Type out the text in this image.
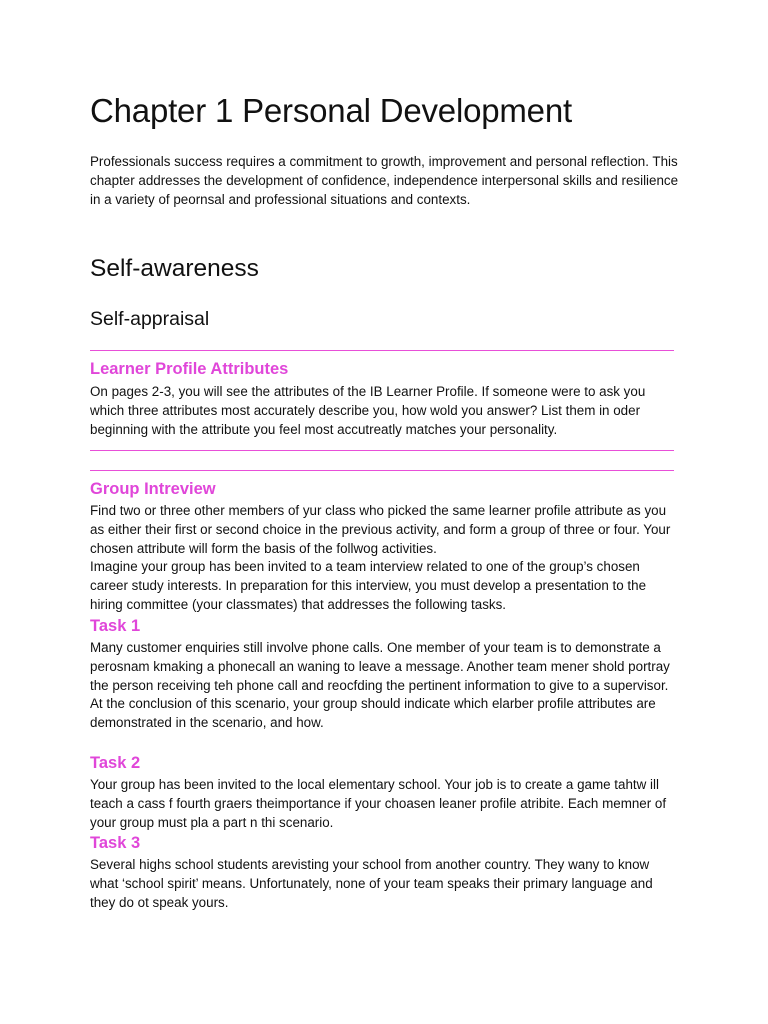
Chapter 1 Personal Development
Professionals success requires a commitment to growth, improvement and personal reflection. This chapter addresses the development of confidence, independence interpersonal skills and resilience in a variety of peornsal and professional situations and contexts.
Self-awareness
Self-appraisal
Learner Profile Attributes
On pages 2-3, you will see the attributes of the IB Learner Profile. If someone were to ask you which three attributes most accurately describe you, how wold you answer? List them in oder beginning with the attribute you feel most accutreatly matches your personality.
Group Intreview

Find two or three other members of yur class who picked the same learner profile attribute as you as either their first or second choice in the previous activity, and form a group of three or four. Your chosen attribute will form the basis of the follwog activities.

Imagine your group has been invited to a team interview related to one of the group’s chosen career study interests. In preparation for this interview, you must develop a presentation to the hiring committee (your classmates) that addresses the following tasks.

Task 1

Many customer enquiries still involve phone calls. One member of your team is to demonstrate a perosnam kmaking a phonecall an waning to leave a message. Another team mener shold portray the person receiving teh phone call and reocfding the pertinent information to give to a supervisor.

At the conclusion of this scenario, your group should indicate which elarber profile attributes are demonstrated in the scenario, and how.

Task 2
Your group has been invited to the local elementary school. Your job is to create a game tahtw ill teach a cass f fourth graers theimportance if your choasen leaner profile atribite. Each memner of your group must pla a part n thi scenario.
Task 3
Several highs school students arevisting your school from another country. They wany to know what ‘school spirit’ means. Unfortunately, none of your team speaks their primary language and they do ot speak yours.
